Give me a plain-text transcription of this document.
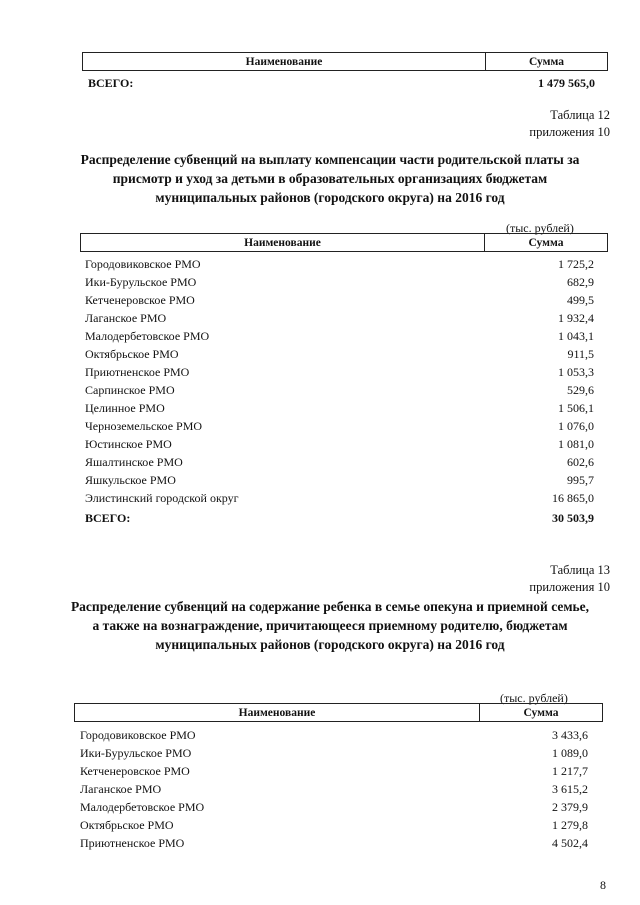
Наименование	Сумма
ВСЕГО:	1 479 565,0
Таблица 12
приложения 10
Распределение субвенций на выплату компенсации части родительской платы за присмотр и уход за детьми в образовательных организациях бюджетам муниципальных районов (городского округа) на 2016 год
(тыс. рублей)
Наименование	Сумма
Городовиковское РМО	1 725,2
Ики-Бурульское РМО	682,9
Кетченеровское РМО	499,5
Лаганское РМО	1 932,4
Малодербетовское РМО	1 043,1
Октябрьское РМО	911,5
Приютненское РМО	1 053,3
Сарпинское РМО	529,6
Целинное РМО	1 506,1
Черноземельское РМО	1 076,0
Юстинское РМО	1 081,0
Яшалтинское РМО	602,6
Яшкульское РМО	995,7
Элистинский городской округ	16 865,0
ВСЕГО:	30 503,9
Таблица 13
приложения 10
Распределение субвенций на содержание ребенка в семье опекуна и приемной семье, а также на вознаграждение, причитающееся приемному родителю, бюджетам муниципальных районов (городского округа) на 2016 год
(тыс. рублей)
Наименование	Сумма
Городовиковское РМО	3 433,6
Ики-Бурульское РМО	1 089,0
Кетченеровское РМО	1 217,7
Лаганское РМО	3 615,2
Малодербетовское РМО	2 379,9
Октябрьское РМО	1 279,8
Приютненское РМО	4 502,4
8
